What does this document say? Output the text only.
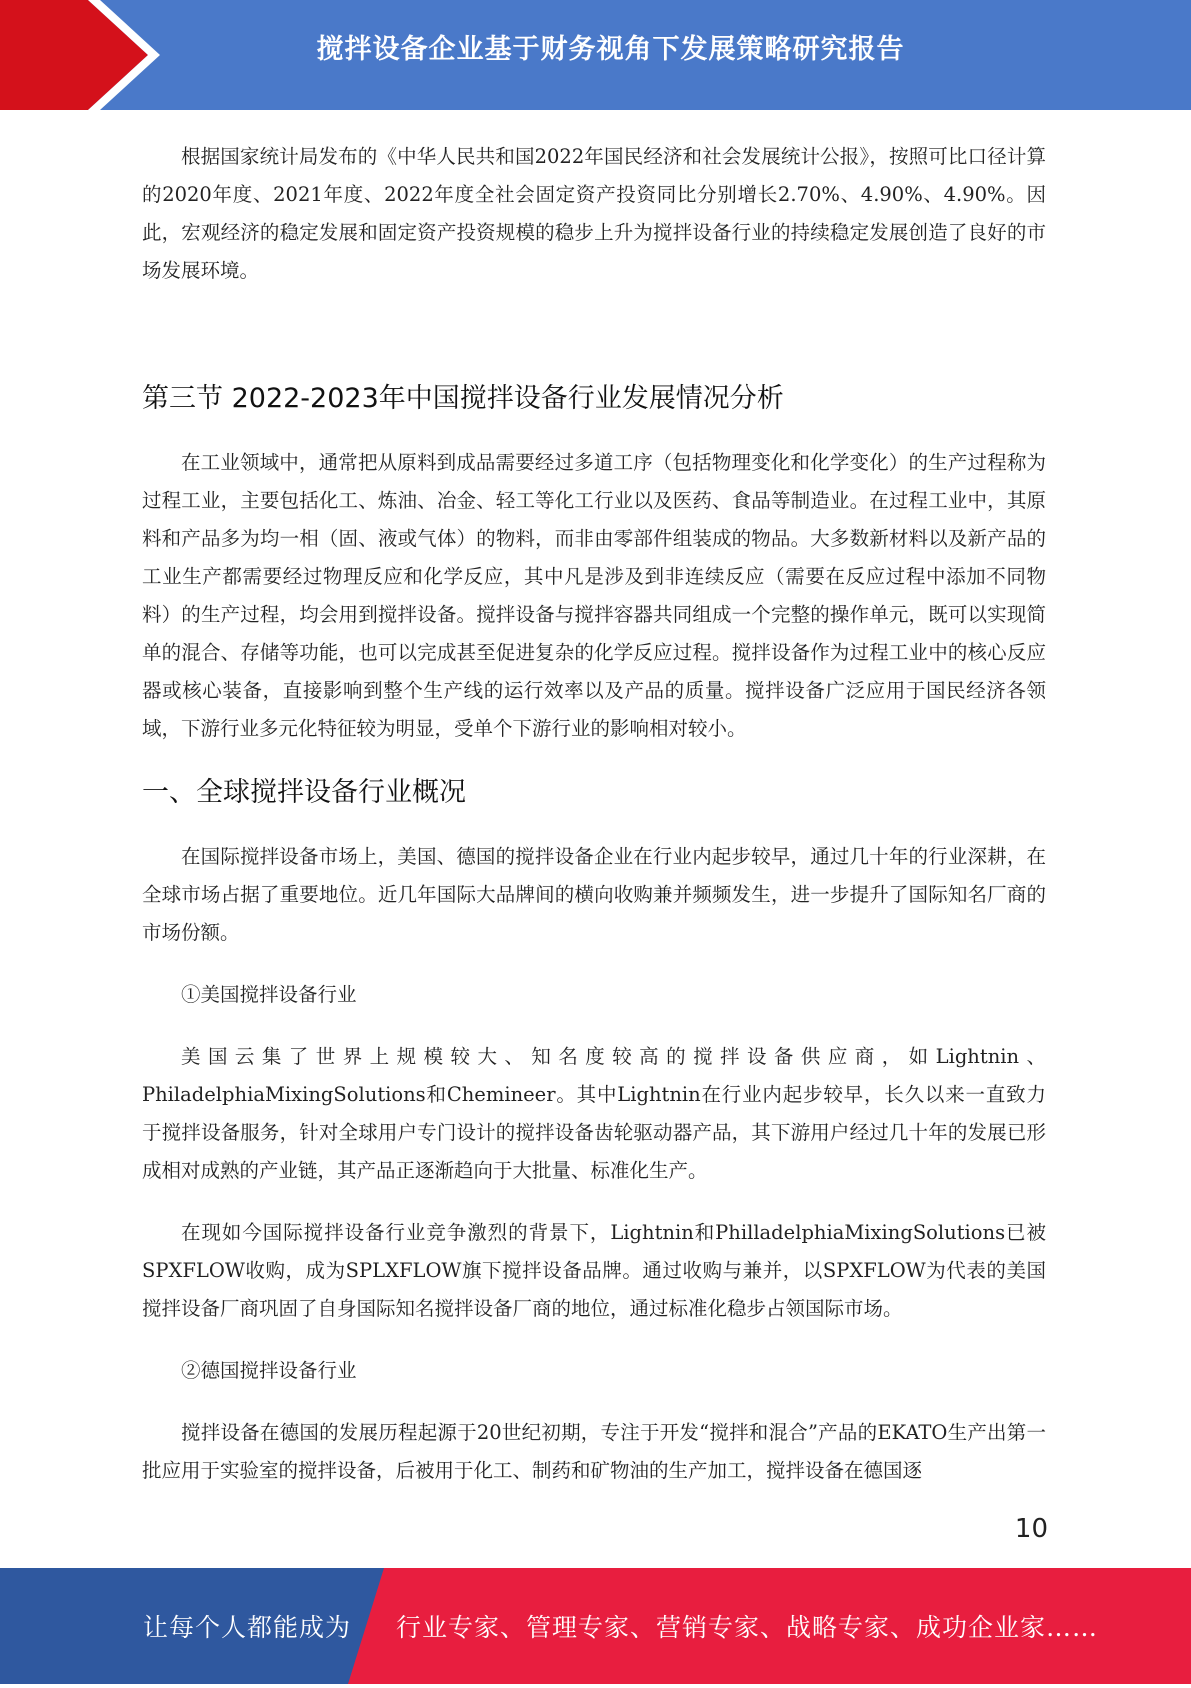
搅拌设备企业基于财务视角下发展策略研究报告

根据国家统计局发布的《中华人民共和国2022年国民经济和社会发展统计公报》，按照可比口径计算的2020年度、2021年度、2022年度全社会固定资产投资同比分别增长2.70%、4.90%、4.90%。因此，宏观经济的稳定发展和固定资产投资规模的稳步上升为搅拌设备行业的持续稳定发展创造了良好的市场发展环境。

第三节 2022-2023年中国搅拌设备行业发展情况分析

在工业领域中，通常把从原料到成品需要经过多道工序（包括物理变化和化学变化）的生产过程称为过程工业，主要包括化工、炼油、冶金、轻工等化工行业以及医药、食品等制造业。在过程工业中，其原料和产品多为均一相（固、液或气体）的物料，而非由零部件组装成的物品。大多数新材料以及新产品的工业生产都需要经过物理反应和化学反应，其中凡是涉及到非连续反应（需要在反应过程中添加不同物料）的生产过程，均会用到搅拌设备。搅拌设备与搅拌容器共同组成一个完整的操作单元，既可以实现简单的混合、存储等功能，也可以完成甚至促进复杂的化学反应过程。搅拌设备作为过程工业中的核心反应器或核心装备，直接影响到整个生产线的运行效率以及产品的质量。搅拌设备广泛应用于国民经济各领域，下游行业多元化特征较为明显，受单个下游行业的影响相对较小。

一、全球搅拌设备行业概况

在国际搅拌设备市场上，美国、德国的搅拌设备企业在行业内起步较早，通过几十年的行业深耕，在全球市场占据了重要地位。近几年国际大品牌间的横向收购兼并频频发生，进一步提升了国际知名厂商的市场份额。

①美国搅拌设备行业

美国云集了世界上规模较大、知名度较高的搅拌设备供应商，如Lightnin、PhiladelphiaMixingSolutions和Chemineer。其中Lightnin在行业内起步较早，长久以来一直致力于搅拌设备服务，针对全球用户专门设计的搅拌设备齿轮驱动器产品，其下游用户经过几十年的发展已形成相对成熟的产业链，其产品正逐渐趋向于大批量、标准化生产。

在现如今国际搅拌设备行业竞争激烈的背景下，Lightnin和PhilladelphiaMixingSolutions已被SPXFLOW收购，成为SPLXFLOW旗下搅拌设备品牌。通过收购与兼并，以SPXFLOW为代表的美国搅拌设备厂商巩固了自身国际知名搅拌设备厂商的地位，通过标准化稳步占领国际市场。

②德国搅拌设备行业

搅拌设备在德国的发展历程起源于20世纪初期，专注于开发“搅拌和混合”产品的EKATO生产出第一批应用于实验室的搅拌设备，后被用于化工、制药和矿物油的生产加工，搅拌设备在德国逐

10
让每个人都能成为 行业专家、管理专家、营销专家、战略专家、成功企业家……
